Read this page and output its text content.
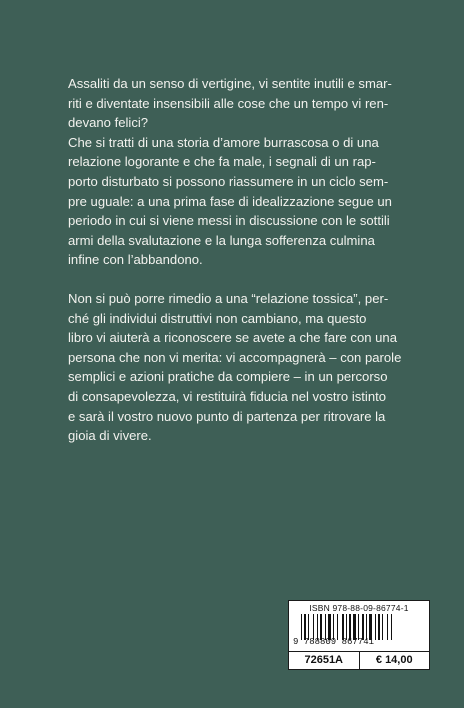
Assaliti da un senso di vertigine, vi sentite inutili e smar-
riti e diventate insensibili alle cose che un tempo vi ren-
devano felici?
Che si tratti di una storia d’amore burrascosa o di una
relazione logorante e che fa male, i segnali di un rap-
porto disturbato si possono riassumere in un ciclo sem-
pre uguale: a una prima fase di idealizzazione segue un
periodo in cui si viene messi in discussione con le sottili
armi della svalutazione e la lunga sofferenza culmina
infine con l’abbandono.
Non si può porre rimedio a una “relazione tossica”, per-
ché gli individui distruttivi non cambiano, ma questo
libro vi aiuterà a riconoscere se avete a che fare con una
persona che non vi merita: vi accompagnerà – con parole
semplici e azioni pratiche da compiere – in un percorso
di consapevolezza, vi restituirà fiducia nel vostro istinto
e sarà il vostro nuovo punto di partenza per ritrovare la
gioia di vivere.
ISBN 978-88-09-86774-1
9 788809 867741
72651A	€ 14,00
